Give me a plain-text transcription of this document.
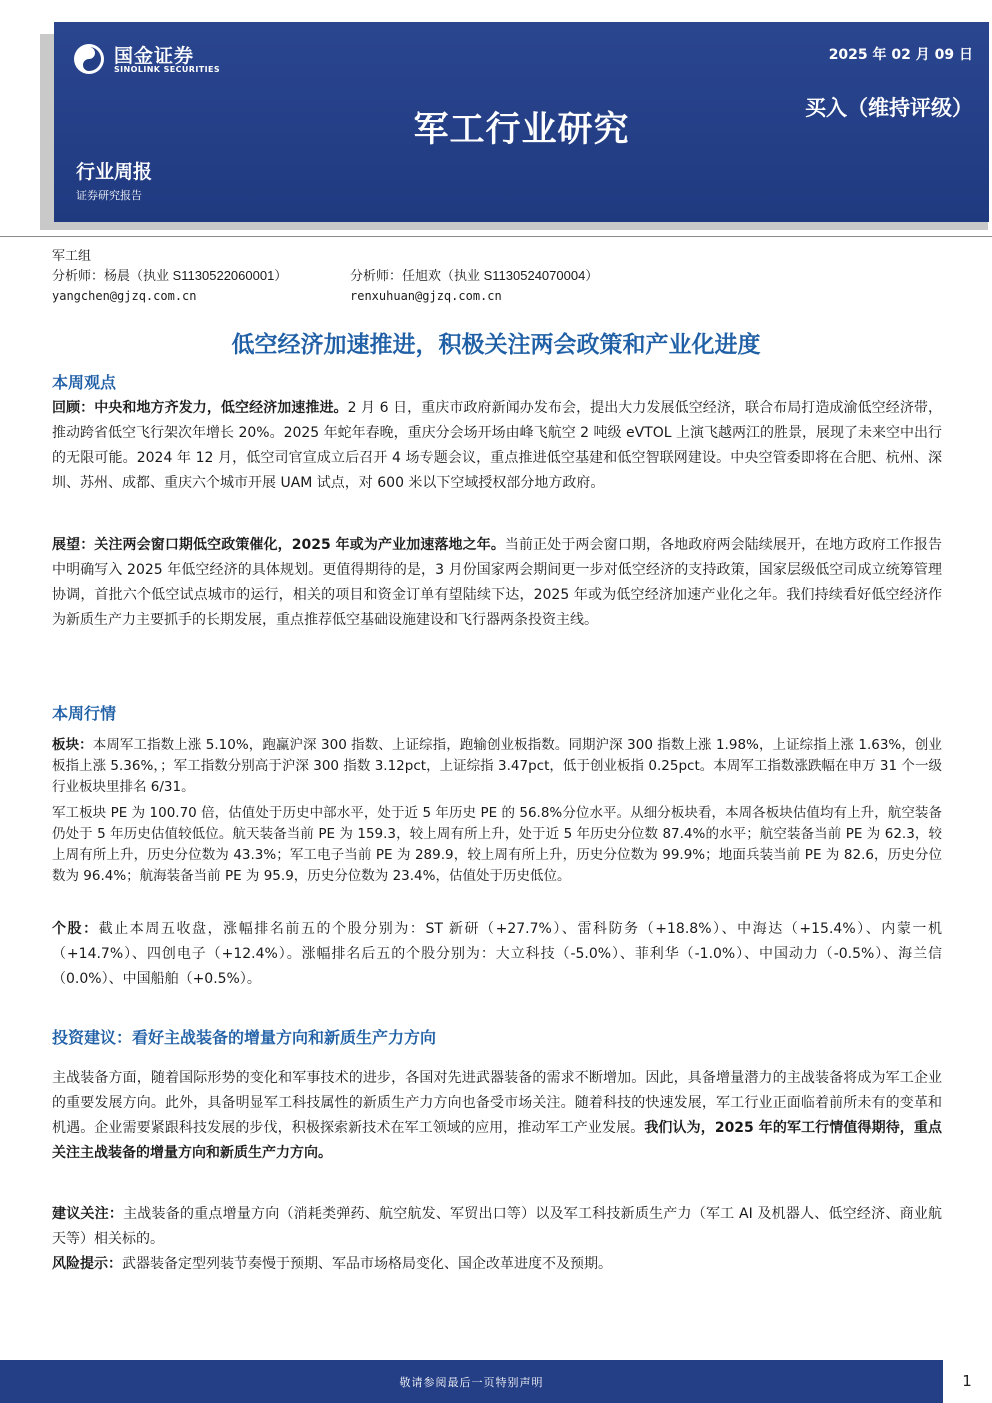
国金证券
SINOLINK SECURITIES
2025 年 02 月 09 日
军工行业研究
买入（维持评级）
行业周报
证券研究报告
军工组
分析师：杨晨（执业 S1130522060001）	分析师：任旭欢（执业 S1130524070004）
yangchen@gjzq.com.cn	renxuhuan@gjzq.com.cn
低空经济加速推进，积极关注两会政策和产业化进度
本周观点
回顾：中央和地方齐发力，低空经济加速推进。2 月 6 日，重庆市政府新闻办发布会，提出大力发展低空经济，联合布局打造成渝低空经济带，推动跨省低空飞行架次年增长 20%。2025 年蛇年春晚，重庆分会场开场由峰飞航空 2 吨级 eVTOL 上演飞越两江的胜景，展现了未来空中出行的无限可能。2024 年 12 月，低空司官宣成立后召开 4 场专题会议，重点推进低空基建和低空智联网建设。中央空管委即将在合肥、杭州、深圳、苏州、成都、重庆六个城市开展 UAM 试点，对 600 米以下空域授权部分地方政府。
展望：关注两会窗口期低空政策催化，2025 年或为产业加速落地之年。当前正处于两会窗口期，各地政府两会陆续展开，在地方政府工作报告中明确写入 2025 年低空经济的具体规划。更值得期待的是，3 月份国家两会期间更一步对低空经济的支持政策，国家层级低空司成立统筹管理协调，首批六个低空试点城市的运行，相关的项目和资金订单有望陆续下达，2025 年或为低空经济加速产业化之年。我们持续看好低空经济作为新质生产力主要抓手的长期发展，重点推荐低空基础设施建设和飞行器两条投资主线。
本周行情
板块：本周军工指数上涨 5.10%，跑赢沪深 300 指数、上证综指，跑输创业板指数。同期沪深 300 指数上涨 1.98%，上证综指上涨 1.63%，创业板指上涨 5.36%，；军工指数分别高于沪深 300 指数 3.12pct，上证综指 3.47pct，低于创业板指 0.25pct。本周军工指数涨跌幅在申万 31 个一级行业板块里排名 6/31。
军工板块 PE 为 100.70 倍，估值处于历史中部水平，处于近 5 年历史 PE 的 56.8%分位水平。从细分板块看，本周各板块估值均有上升，航空装备仍处于 5 年历史估值较低位。航天装备当前 PE 为 159.3，较上周有所上升，处于近 5 年历史分位数 87.4%的水平；航空装备当前 PE 为 62.3，较上周有所上升，历史分位数为 43.3%；军工电子当前 PE 为 289.9，较上周有所上升，历史分位数为 99.9%；地面兵装当前 PE 为 82.6，历史分位数为 96.4%；航海装备当前 PE 为 95.9，历史分位数为 23.4%，估值处于历史低位。
个股：截止本周五收盘，涨幅排名前五的个股分别为：ST 新研（+27.7%）、雷科防务（+18.8%）、中海达（+15.4%）、内蒙一机（+14.7%）、四创电子（+12.4%）。涨幅排名后五的个股分别为：大立科技（-5.0%）、菲利华（-1.0%）、中国动力（-0.5%）、海兰信（0.0%）、中国船舶（+0.5%）。
投资建议：看好主战装备的增量方向和新质生产力方向
主战装备方面，随着国际形势的变化和军事技术的进步，各国对先进武器装备的需求不断增加。因此，具备增量潜力的主战装备将成为军工企业的重要发展方向。此外，具备明显军工科技属性的新质生产力方向也备受市场关注。随着科技的快速发展，军工行业正面临着前所未有的变革和机遇。企业需要紧跟科技发展的步伐，积极探索新技术在军工领域的应用，推动军工产业发展。我们认为，2025 年的军工行情值得期待，重点关注主战装备的增量方向和新质生产力方向。
建议关注：主战装备的重点增量方向（消耗类弹药、航空航发、军贸出口等）以及军工科技新质生产力（军工 AI 及机器人、低空经济、商业航天等）相关标的。
风险提示：武器装备定型列装节奏慢于预期、军品市场格局变化、国企改革进度不及预期。
敬请参阅最后一页特别声明	1
